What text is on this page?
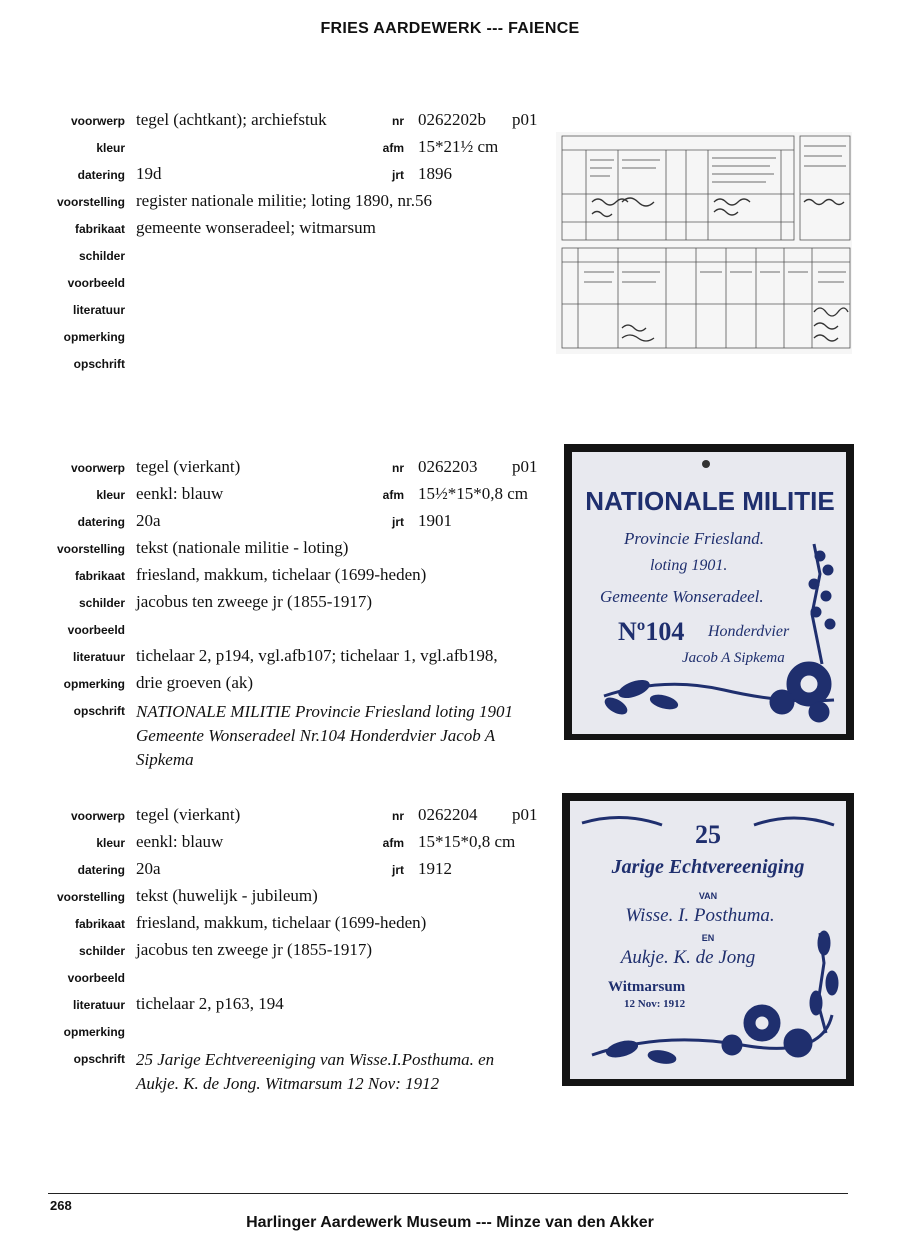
FRIES AARDEWERK --- FAIENCE
voorwerp tegel (achtkant); archiefstuk	nr 0262202b p01
kleur	afm 15*21½ cm
datering 19d	jrt 1896
voorstelling register nationale militie; loting 1890, nr.56
fabrikaat gemeente wonseradeel; witmarsum
schilder
voorbeeld
literatuur
opmerking
opschrift
voorwerp tegel (vierkant)	nr 0262203 p01
kleur eenkl: blauw	afm 15½*15*0,8 cm
datering 20a	jrt 1901
voorstelling tekst (nationale militie - loting)
fabrikaat friesland, makkum, tichelaar (1699-heden)
schilder jacobus ten zweege jr (1855-1917)
voorbeeld
literatuur tichelaar 2, p194, vgl.afb107; tichelaar 1, vgl.afb198,
opmerking drie groeven (ak)
opschrift NATIONALE MILITIE Provincie Friesland loting 1901 Gemeente Wonseradeel Nr.104 Honderdvier Jacob A Sipkema
NATIONALE MILITIE
Provincie Friesland.
loting 1901.
Gemeente Wonseradeel.
Nº104 Honderdvier
Jacob A Sipkema
voorwerp tegel (vierkant)	nr 0262204 p01
kleur eenkl: blauw	afm 15*15*0,8 cm
datering 20a	jrt 1912
voorstelling tekst (huwelijk - jubileum)
fabrikaat friesland, makkum, tichelaar (1699-heden)
schilder jacobus ten zweege jr (1855-1917)
voorbeeld
literatuur tichelaar 2, p163, 194
opmerking
opschrift 25 Jarige Echtvereeniging van Wisse.I.Posthuma. en Aukje. K. de Jong. Witmarsum 12 Nov: 1912
25
Jarige Echtvereeniging
VAN
Wisse. I. Posthuma.
EN
Aukje. K. de Jong
Witmarsum
12 Nov: 1912
268
Harlinger Aardewerk Museum --- Minze van den Akker
